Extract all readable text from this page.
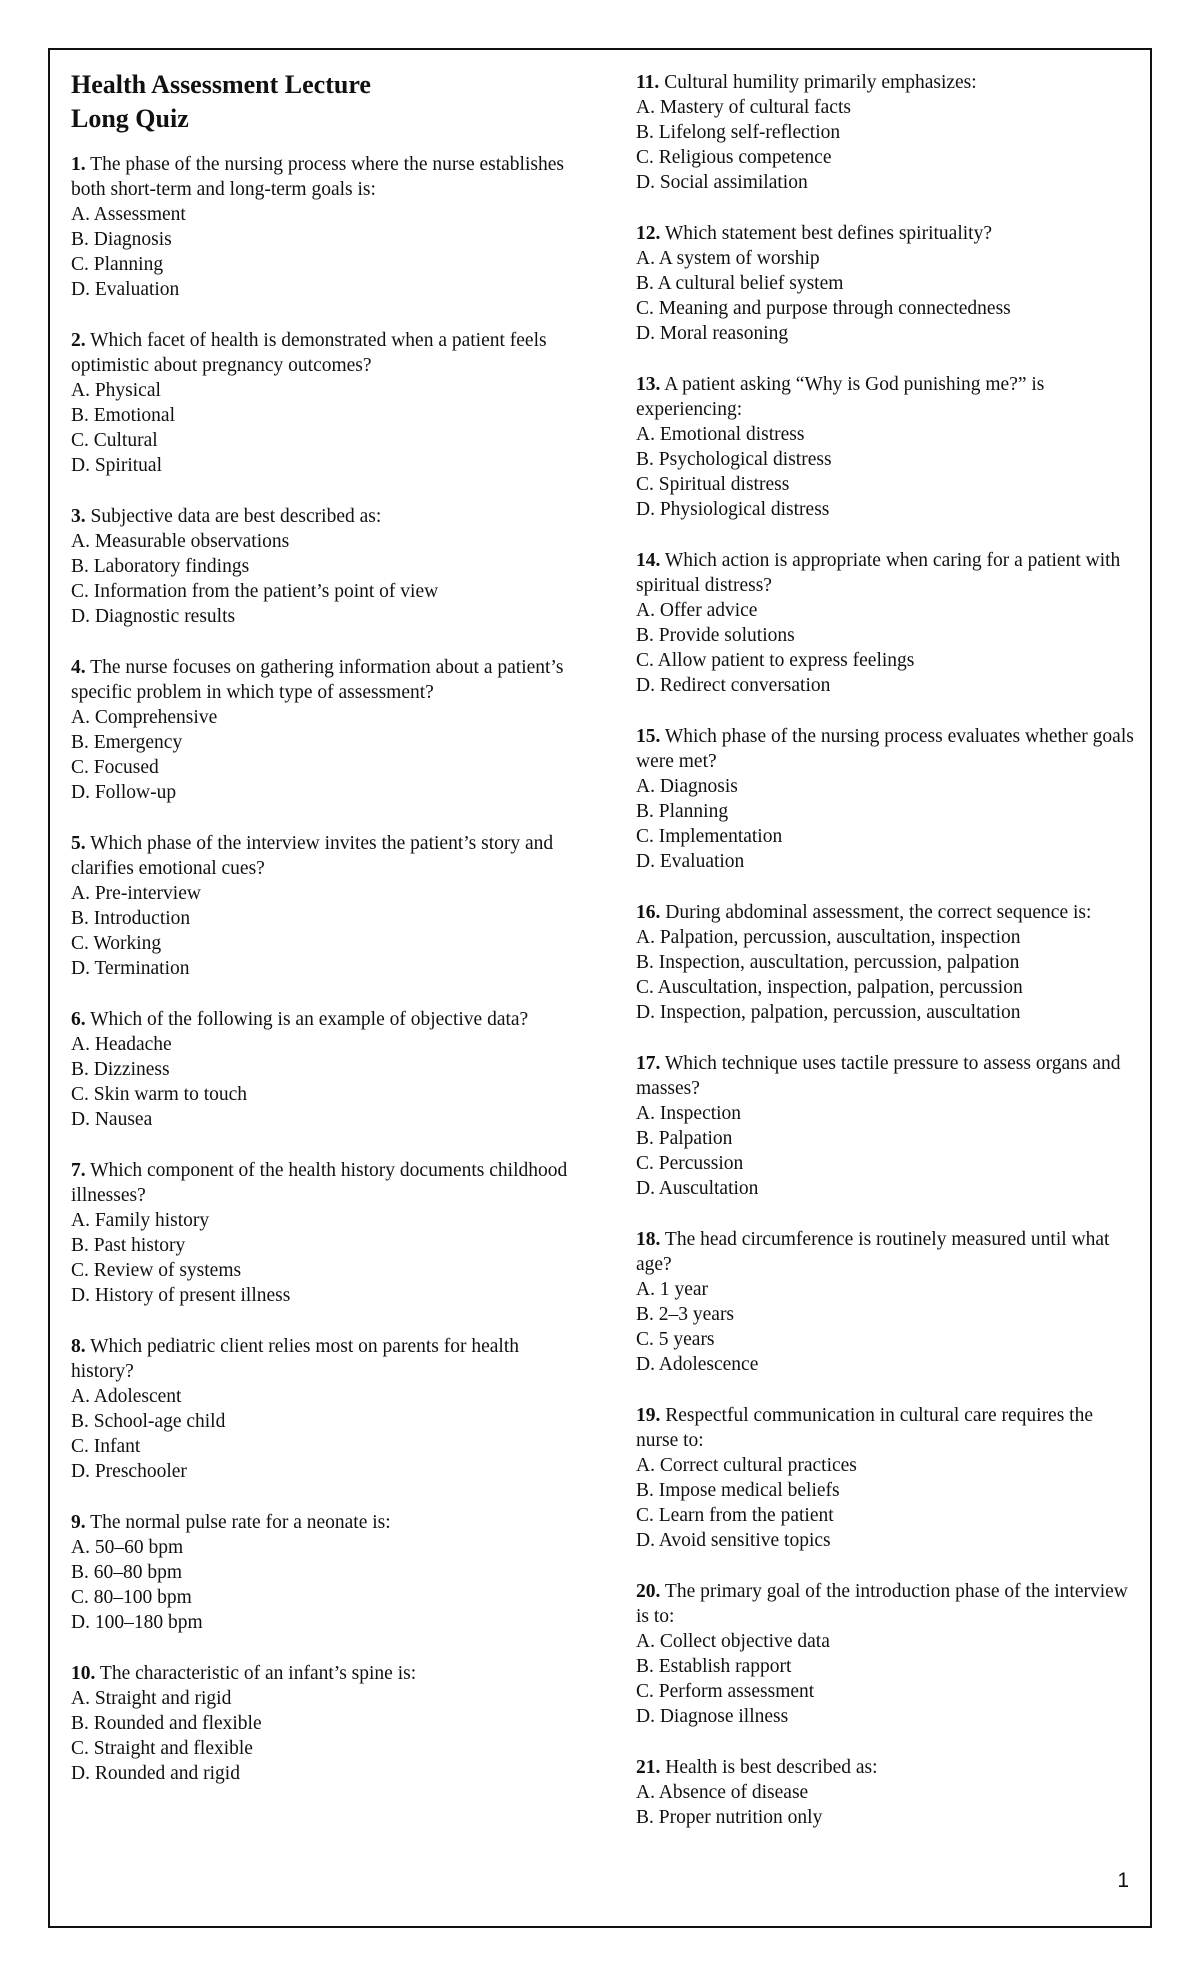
Health Assessment Lecture
Long Quiz
1. The phase of the nursing process where the nurse establishes both short-term and long-term goals is:
A. Assessment
B. Diagnosis
C. Planning
D. Evaluation
2. Which facet of health is demonstrated when a patient feels optimistic about pregnancy outcomes?
A. Physical
B. Emotional
C. Cultural
D. Spiritual
3. Subjective data are best described as:
A. Measurable observations
B. Laboratory findings
C. Information from the patient’s point of view
D. Diagnostic results
4. The nurse focuses on gathering information about a patient’s specific problem in which type of assessment?
A. Comprehensive
B. Emergency
C. Focused
D. Follow-up
5. Which phase of the interview invites the patient’s story and clarifies emotional cues?
A. Pre-interview
B. Introduction
C. Working
D. Termination
6. Which of the following is an example of objective data?
A. Headache
B. Dizziness
C. Skin warm to touch
D. Nausea
7. Which component of the health history documents childhood illnesses?
A. Family history
B. Past history
C. Review of systems
D. History of present illness
8. Which pediatric client relies most on parents for health history?
A. Adolescent
B. School-age child
C. Infant
D. Preschooler
9. The normal pulse rate for a neonate is:
A. 50–60 bpm
B. 60–80 bpm
C. 80–100 bpm
D. 100–180 bpm
10. The characteristic of an infant’s spine is:
A. Straight and rigid
B. Rounded and flexible
C. Straight and flexible
D. Rounded and rigid
11. Cultural humility primarily emphasizes:
A. Mastery of cultural facts
B. Lifelong self-reflection
C. Religious competence
D. Social assimilation
12. Which statement best defines spirituality?
A. A system of worship
B. A cultural belief system
C. Meaning and purpose through connectedness
D. Moral reasoning
13. A patient asking “Why is God punishing me?” is experiencing:
A. Emotional distress
B. Psychological distress
C. Spiritual distress
D. Physiological distress
14. Which action is appropriate when caring for a patient with spiritual distress?
A. Offer advice
B. Provide solutions
C. Allow patient to express feelings
D. Redirect conversation
15. Which phase of the nursing process evaluates whether goals were met?
A. Diagnosis
B. Planning
C. Implementation
D. Evaluation
16. During abdominal assessment, the correct sequence is:
A. Palpation, percussion, auscultation, inspection
B. Inspection, auscultation, percussion, palpation
C. Auscultation, inspection, palpation, percussion
D. Inspection, palpation, percussion, auscultation
17. Which technique uses tactile pressure to assess organs and masses?
A. Inspection
B. Palpation
C. Percussion
D. Auscultation
18. The head circumference is routinely measured until what age?
A. 1 year
B. 2–3 years
C. 5 years
D. Adolescence
19. Respectful communication in cultural care requires the nurse to:
A. Correct cultural practices
B. Impose medical beliefs
C. Learn from the patient
D. Avoid sensitive topics
20. The primary goal of the introduction phase of the interview is to:
A. Collect objective data
B. Establish rapport
C. Perform assessment
D. Diagnose illness
21. Health is best described as:
A. Absence of disease
B. Proper nutrition only
1
